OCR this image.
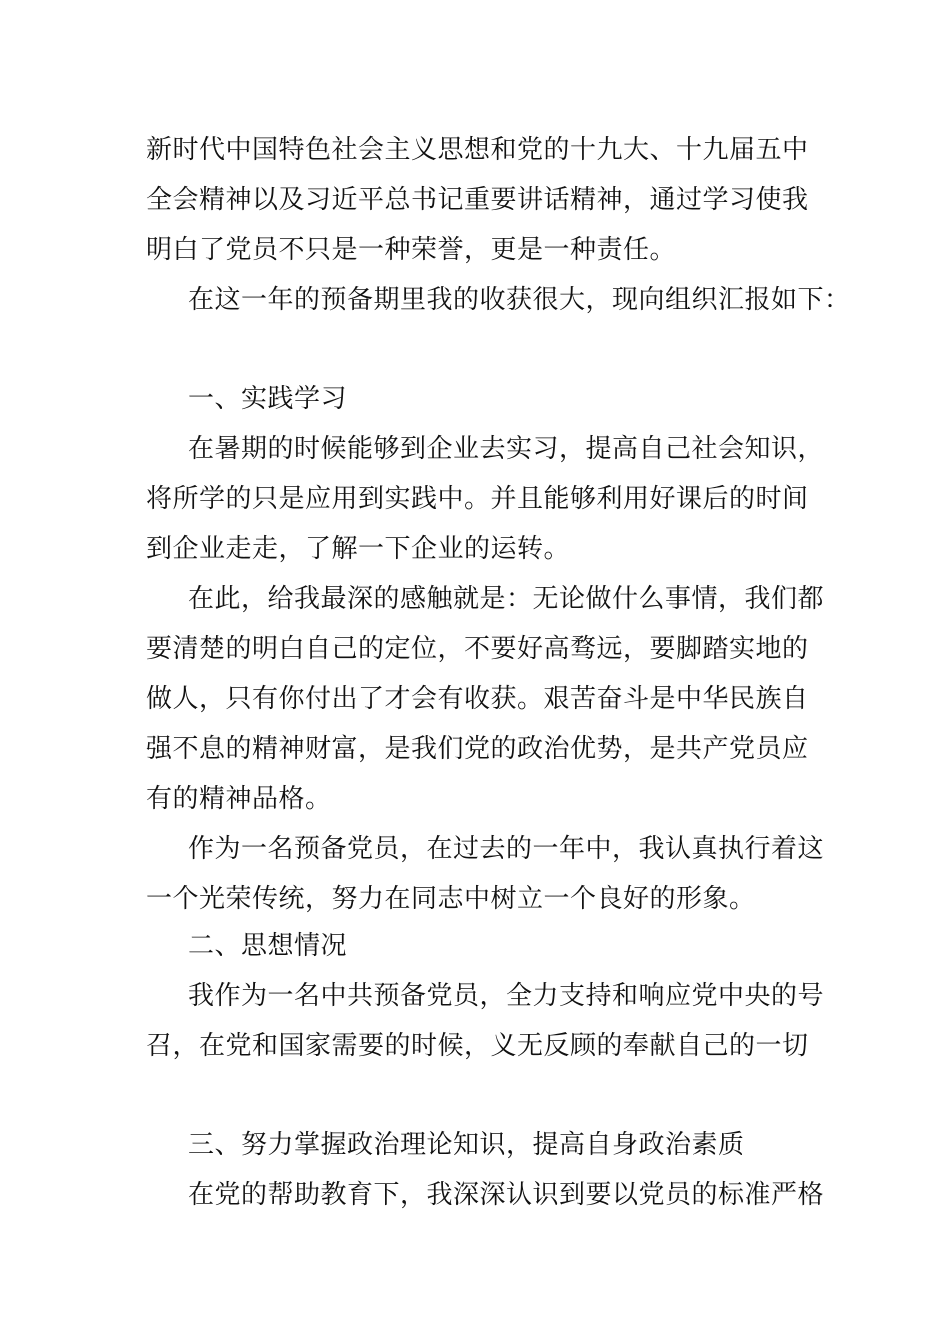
新时代中国特色社会主义思想和党的十九大、十九届五中
全会精神以及习近平总书记重要讲话精神，通过学习使我
明白了党员不只是一种荣誉，更是一种责任。
在这一年的预备期里我的收获很大，现向组织汇报如下：
一、实践学习
在暑期的时候能够到企业去实习，提高自己社会知识，
将所学的只是应用到实践中。并且能够利用好课后的时间
到企业走走，了解一下企业的运转。
在此，给我最深的感触就是：无论做什么事情，我们都
要清楚的明白自己的定位，不要好高骛远，要脚踏实地的
做人，只有你付出了才会有收获。艰苦奋斗是中华民族自
强不息的精神财富，是我们党的政治优势，是共产党员应
有的精神品格。
作为一名预备党员，在过去的一年中，我认真执行着这
一个光荣传统，努力在同志中树立一个良好的形象。
二、思想情况
我作为一名中共预备党员，全力支持和响应党中央的号
召，在党和国家需要的时候，义无反顾的奉献自己的一切
三、努力掌握政治理论知识，提高自身政治素质
在党的帮助教育下，我深深认识到要以党员的标准严格
